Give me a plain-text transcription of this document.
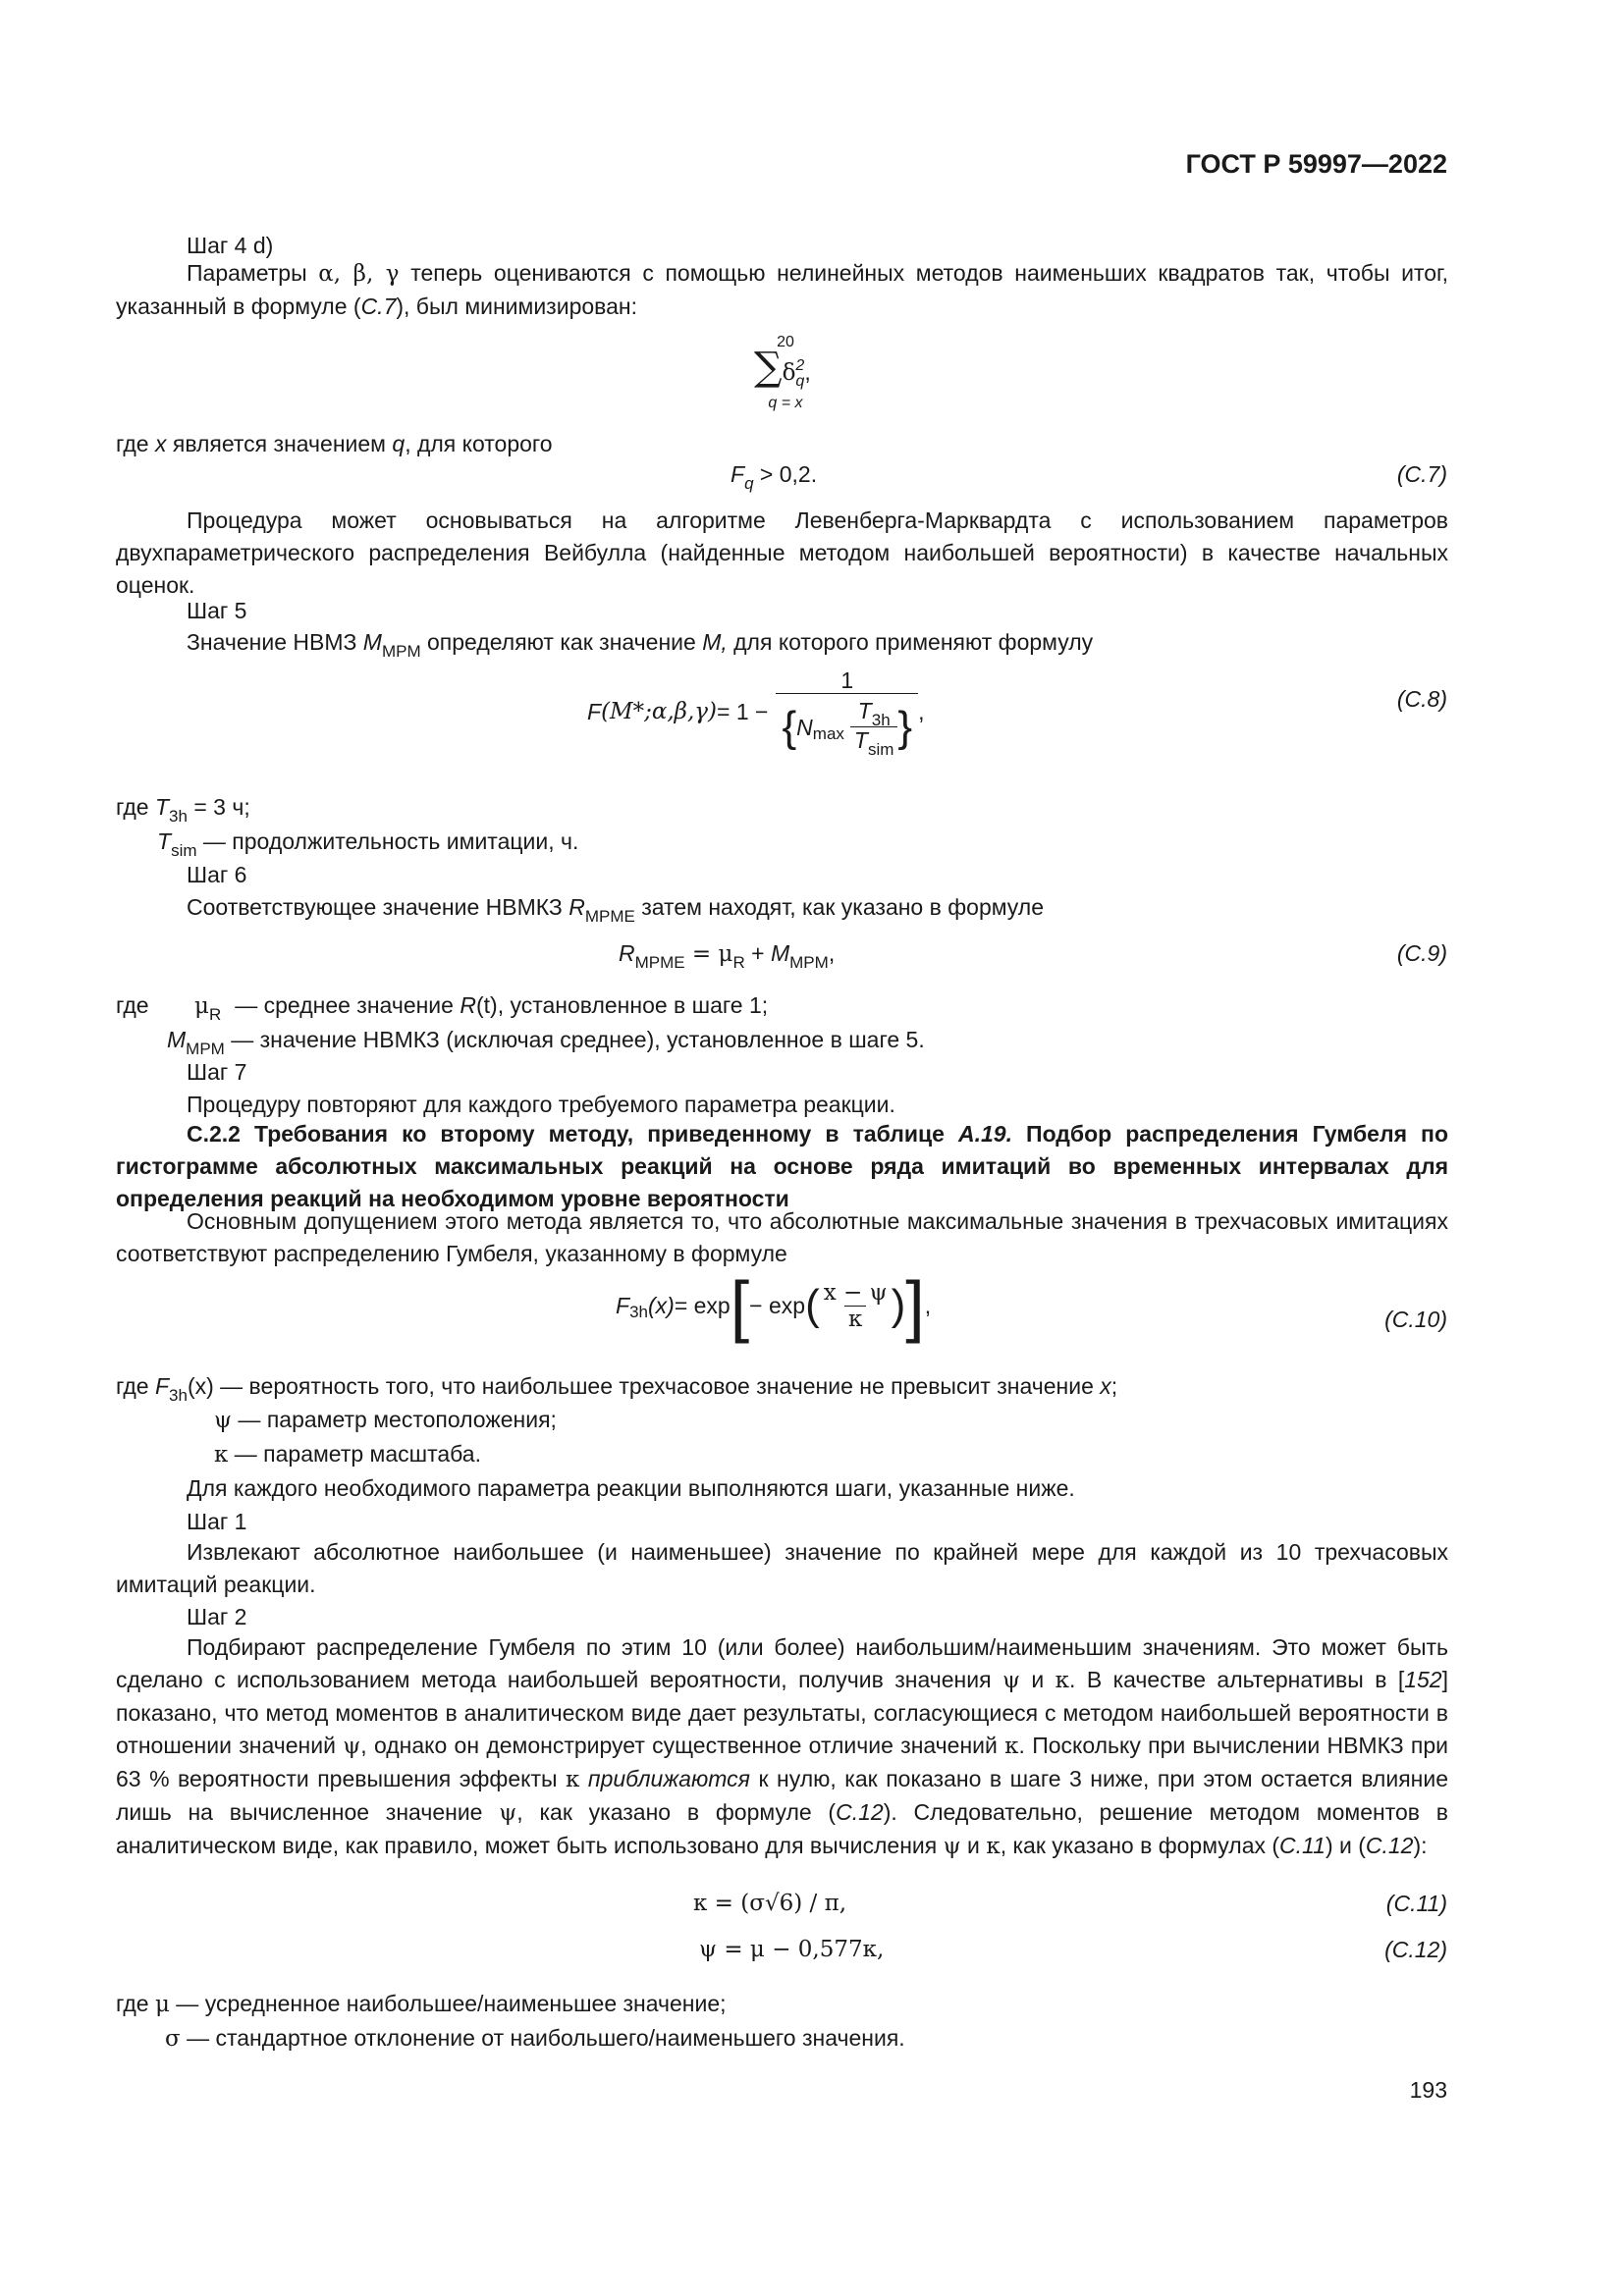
ГОСТ Р 59997—2022
Шаг 4 d)
Параметры α, β, γ теперь оцениваются с помощью нелинейных методов наименьших квадратов так, чтобы итог, указанный в формуле (С.7), был минимизирован:
20
∑δ 2
q ,
q = x
где x является значением q, для которого
$F_q > 0,2$.	(С.7)
Процедура может основываться на алгоритме Левенберга-Марквардта с использованием параметров двухпараметрического распределения Вейбулла (найденные методом наибольшей вероятности) в качестве начальных оценок.
Шаг 5
Значение НВМЗ $M_{MPM}$ определяют как значение M, для которого применяют формулу
F (M*;α,β,γ) = $1 - \frac{1}{\{ N \max \frac{T_{3h}}{T_{sim}} \}}$ ,	(С.8)
где $T_{3h} = 3$ ч;
$T_{sim}$ — продолжительность имитации, ч.
Шаг 6
Соответствующее значение НВМКЗ $R_{MPME}$ затем находят, как указано в формуле
$R_{MPME} = \mu_R + M_{MPM}$,	(С.9)
где $\mu_R$ — среднее значение R(t), установленное в шаге 1;
$M_{MPM}$ — значение НВМКЗ (исключая среднее), установленное в шаге 5.
Шаг 7
Процедуру повторяют для каждого требуемого параметра реакции.
С.2.2 Требования ко второму методу, приведенному в таблице А.19. Подбор распределения Гумбеля по гистограмме абсолютных максимальных реакций на основе ряда имитаций во временных интервалах для определения реакций на необходимом уровне вероятности
Основным допущением этого метода является то, что абсолютные максимальные значения в трехчасовых имитациях соответствуют распределению Гумбеля, указанному в формуле
F 3h (x) = exp [ − exp ( $\frac{x - \psi}{\kappa}$ ) ] ,
(С.10)
где $F_{3h}(x)$ — вероятность того, что наибольшее трехчасовое значение не превысит значение x;
ψ — параметр местоположения;
κ — параметр масштаба.
Для каждого необходимого параметра реакции выполняются шаги, указанные ниже.
Шаг 1
Извлекают абсолютное наибольшее (и наименьшее) значение по крайней мере для каждой из 10 трехчасовых имитаций реакции.
Шаг 2
Подбирают распределение Гумбеля по этим 10 (или более) наибольшим/наименьшим значениям. Это может быть сделано с использованием метода наибольшей вероятности, получив значения ψ и κ. В качестве альтернативы в [152] показано, что метод моментов в аналитическом виде дает результаты, согласующиеся с методом наибольшей вероятности в отношении значений ψ, однако он демонстрирует существенное отличие значений κ. Поскольку при вычислении НВМКЗ при 63 % вероятности превышения эффекты κ приближаются к нулю, как показано в шаге 3 ниже, при этом остается влияние лишь на вычисленное значение ψ, как указано в формуле (С.12). Следовательно, решение методом моментов в аналитическом виде, как правило, может быть использовано для вычисления ψ и κ, как указано в формулах (С.11) и (С.12):
κ = (σ√6) / π,	(С.11)
ψ = μ − 0,577κ,	(С.12)
где μ — усредненное наибольшее/наименьшее значение;
σ — стандартное отклонение от наибольшего/наименьшего значения.
193
